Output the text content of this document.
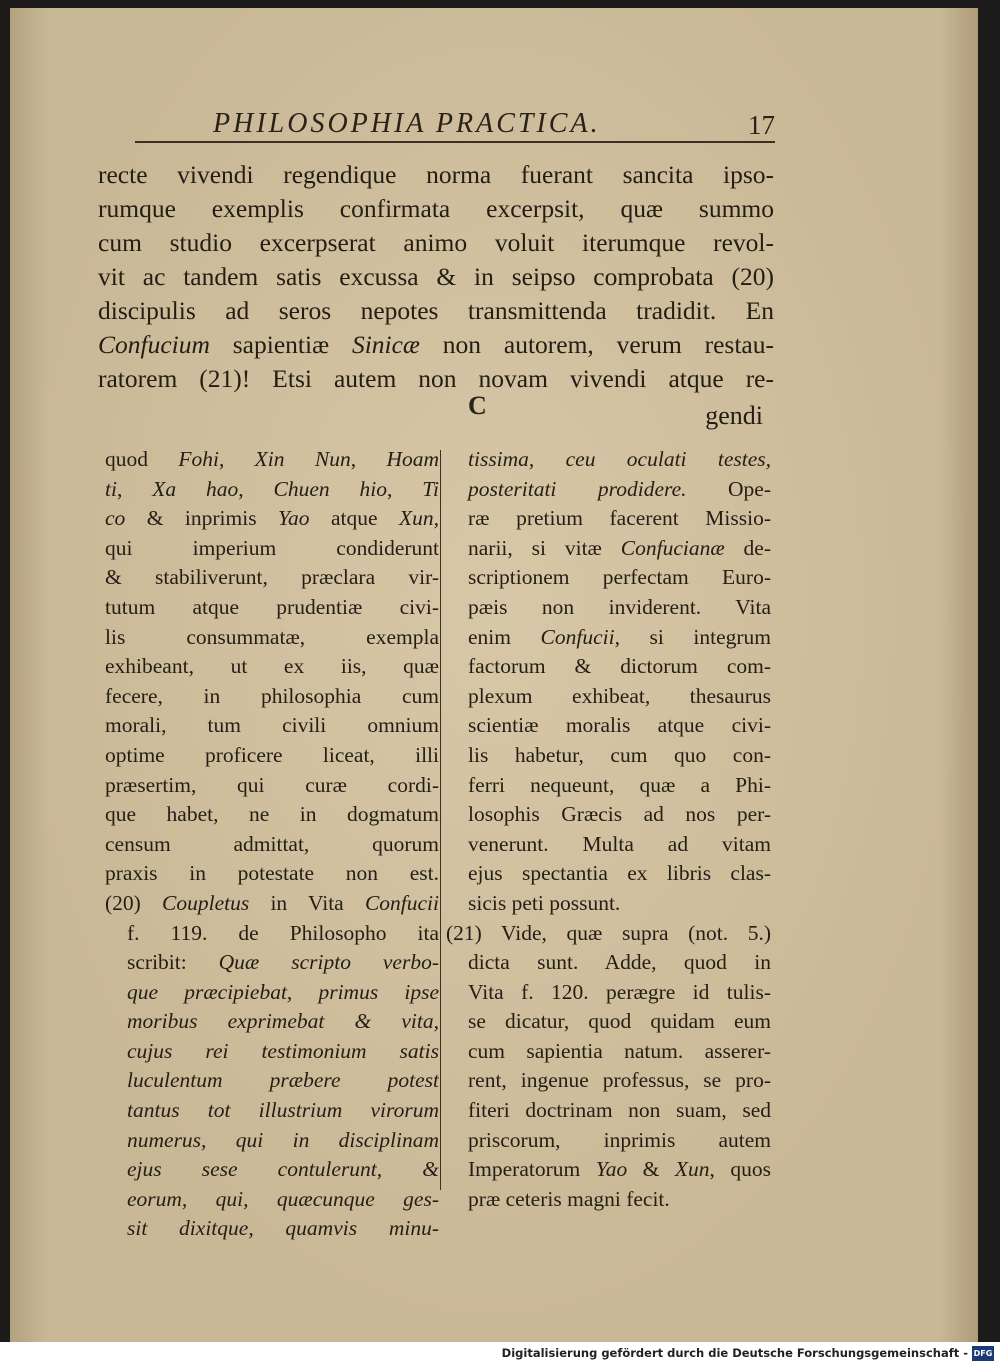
PHILOSOPHIA PRACTICA.	17
recte vivendi regendique norma fuerant sancita ipso-
rumque exemplis confirmata excerpsit, quæ summo
cum studio excerpserat animo voluit iterumque revol-
vit ac tandem satis excussa & in seipso comprobata (20)
discipulis ad seros nepotes transmittenda tradidit. En
Confucium sapientiæ Sinicæ non autorem, verum restau-
ratorem (21)! Etsi autem non novam vivendi atque re-
C	gendi
quod Fohi, Xin Nun, Hoam
ti, Xa hao, Chuen hio, Ti
co & inprimis Yao atque Xun,
qui imperium condiderunt
& stabiliverunt, præclara vir-
tutum atque prudentiæ civi-
lis consummatæ, exempla
exhibeant, ut ex iis, quæ
fecere, in philosophia cum
morali, tum civili omnium
optime proficere liceat, illi
præsertim, qui curæ cordi-
que habet, ne in dogmatum
censum admittat, quorum
praxis in potestate non est.
(20) Coupletus in Vita Confucii
f. 119. de Philosopho ita
scribit: Quæ scripto verbo-
que præcipiebat, primus ipse
moribus exprimebat & vita,
cujus rei testimonium satis
luculentum præbere potest
tantus tot illustrium virorum
numerus, qui in disciplinam
ejus sese contulerunt, &
eorum, qui, quæcunque ges-
sit dixitque, quamvis minu-
tissima, ceu oculati testes,
posteritati prodidere. Ope-
ræ pretium facerent Missio-
narii, si vitæ Confucianæ de-
scriptionem perfectam Euro-
pæis non inviderent. Vita
enim Confucii, si integrum
factorum & dictorum com-
plexum exhibeat, thesaurus
scientiæ moralis atque civi-
lis habetur, cum quo con-
ferri nequeunt, quæ a Phi-
losophis Græcis ad nos per-
venerunt. Multa ad vitam
ejus spectantia ex libris clas-
sicis peti possunt.
(21) Vide, quæ supra (not. 5.)
dicta sunt. Adde, quod in
Vita f. 120. perægre id tulis-
se dicatur, quod quidam eum
cum sapientia natum. asserer-
rent, ingenue professus, se pro-
fiteri doctrinam non suam, sed
priscorum, inprimis autem
Imperatorum Yao & Xun, quos
præ ceteris magni fecit.
Digitalisierung gefördert durch die Deutsche Forschungsgemeinschaft - DFG
